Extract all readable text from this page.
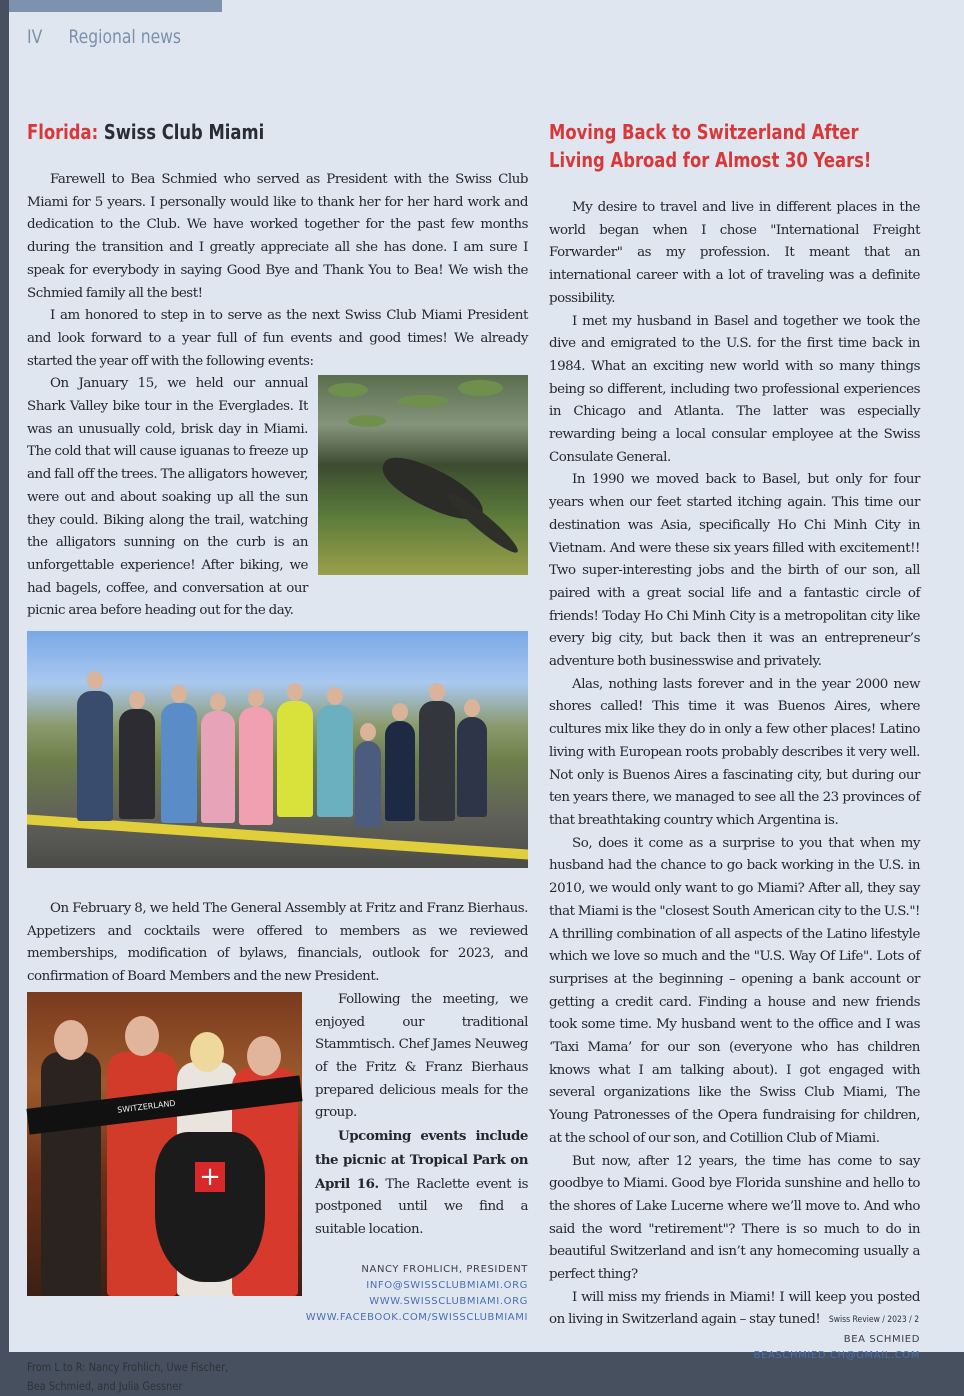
IV Regional news
Florida: Swiss Club Miami

Farewell to Bea Schmied who served as President with the Swiss Club Miami for 5 years. I personally would like to thank her for her hard work and dedication to the Club. We have worked together for the past few months during the transition and I greatly appreciate all she has done. I am sure I speak for everybody in saying Good Bye and Thank You to Bea! We wish the Schmied family all the best!

I am honored to step in to serve as the next Swiss Club Miami President and look forward to a year full of fun events and good times! We already started the year off with the following events:

On January 15, we held our annual Shark Valley bike tour in the Everglades. It was an unusually cold, brisk day in Miami. The cold that will cause iguanas to freeze up and fall off the trees. The alligators however, were out and about soaking up all the sun they could. Biking along the trail, watching the alligators sunning on the curb is an unforgettable experience! After biking, we had bagels, coffee, and conversation at our picnic area before heading out for the day.

On February 8, we held The General Assembly at Fritz and Franz Bierhaus. Appetizers and cocktails were offered to members as we reviewed memberships, modification of bylaws, financials, outlook for 2023, and confirmation of Board Members and the new President.

SWITZERLAND
+

Following the meeting, we enjoyed our traditional Stammtisch. Chef James Neuweg of the Fritz & Franz Bierhaus prepared delicious meals for the group.

Upcoming events include the picnic at Tropical Park on April 16. The Raclette event is postponed until we find a suitable location.

NANCY FROHLICH, PRESIDENT
INFO@SWISSCLUBMIAMI.ORG
WWW.SWISSCLUBMIAMI.ORG
WWW.FACEBOOK.COM/SWISSCLUBMIAMI
From L to R: Nancy Frohlich, Uwe Fischer,
Bea Schmied, and Julia Gessner
Moving Back to Switzerland After Living Abroad for Almost 30 Years!

My desire to travel and live in different places in the world began when I chose "International Freight Forwarder" as my profession. It meant that an international career with a lot of traveling was a definite possibility.

I met my husband in Basel and together we took the dive and emigrated to the U.S. for the first time back in 1984. What an exciting new world with so many things being so different, including two professional experiences in Chicago and Atlanta. The latter was especially rewarding being a local consular employee at the Swiss Consulate General.

In 1990 we moved back to Basel, but only for four years when our feet started itching again. This time our destination was Asia, specifically Ho Chi Minh City in Vietnam. And were these six years filled with excitement!! Two super-interesting jobs and the birth of our son, all paired with a great social life and a fantastic circle of friends! Today Ho Chi Minh City is a metropolitan city like every big city, but back then it was an entrepreneur’s adventure both businesswise and privately.

Alas, nothing lasts forever and in the year 2000 new shores called! This time it was Buenos Aires, where cultures mix like they do in only a few other places! Latino living with European roots probably describes it very well. Not only is Buenos Aires a fascinating city, but during our ten years there, we managed to see all the 23 provinces of that breathtaking country which Argentina is.

So, does it come as a surprise to you that when my husband had the chance to go back working in the U.S. in 2010, we would only want to go Miami? After all, they say that Miami is the "closest South American city to the U.S."! A thrilling combination of all aspects of the Latino lifestyle which we love so much and the "U.S. Way Of Life". Lots of surprises at the beginning – opening a bank account or getting a credit card. Finding a house and new friends took some time. My husband went to the office and I was ‘Taxi Mama’ for our son (everyone who has children knows what I am talking about). I got engaged with several organizations like the Swiss Club Miami, The Young Patronesses of the Opera fundraising for children, at the school of our son, and Cotillion Club of Miami.

But now, after 12 years, the time has come to say goodbye to Miami. Good bye Florida sunshine and hello to the shores of Lake Lucerne where we’ll move to. And who said the word "retirement"? There is so much to do in beautiful Switzerland and isn’t any homecoming usually a perfect thing?

I will miss my friends in Miami! I will keep you posted on living in Switzerland again – stay tuned!

BEA SCHMIED
BEASCHMIED.CH@GMAIL.COM
Swiss Review / 2023 / 2
